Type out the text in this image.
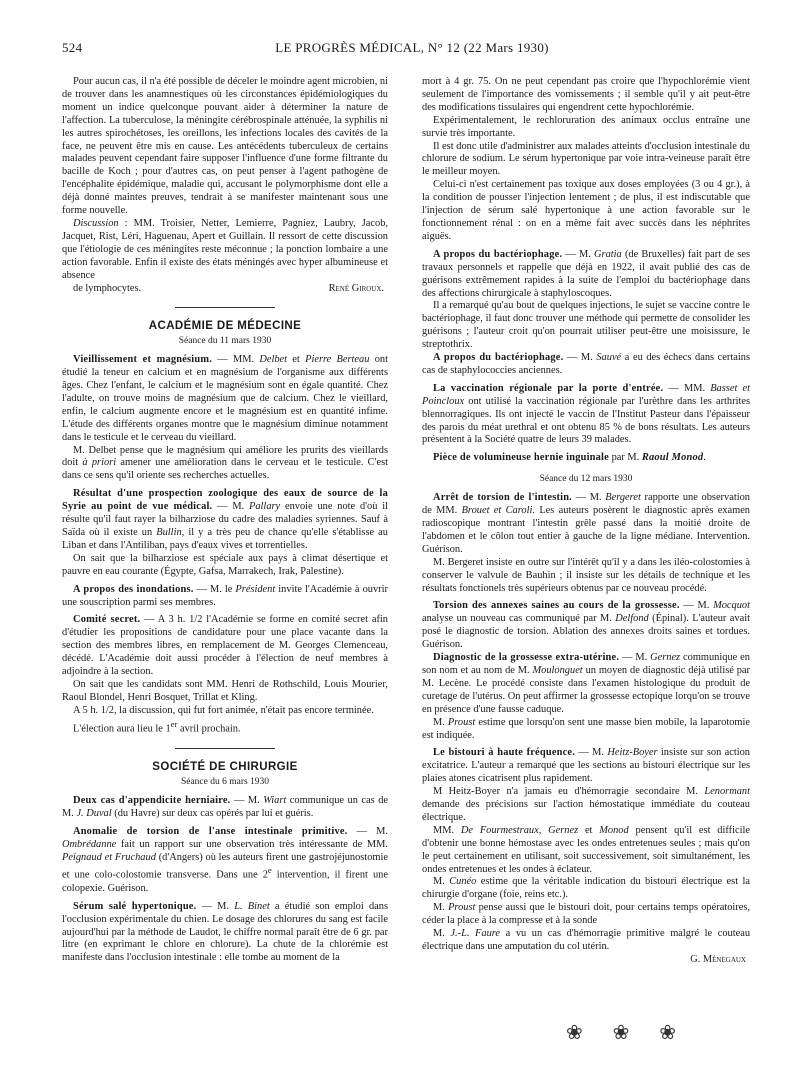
524	LE PROGRÈS MÉDICAL, N° 12 (22 Mars 1930)

Pour aucun cas, il n'a été possible de déceler le moindre agent microbien, ni de trouver dans les anamnestiques où les circonstances épidémiologiques du moment un indice quelconque pouvant aider à déterminer la nature de l'affection. La tuberculose, la méningite cérébrospinale atténuée, la syphilis ni les autres spirochétoses, les oreillons, les infections locales des cavités de la face, ne peuvent être mis en cause. Les antécédents tuberculeux de certains malades peuvent cependant faire supposer l'influence d'une forme filtrante du bacille de Koch ; pour d'autres cas, on peut penser à l'agent pathogène de l'encéphalite épidémique, maladie qui, accusant le polymorphisme dont elle a déjà donné maintes preuves, tendrait à se manifester maintenant sous une forme nouvelle.

Discussion : MM. Troisier, Netter, Lemierre, Pagniez, Laubry, Jacob, Jacquet, Rist, Léri, Haguenau, Apert et Guillain. Il ressort de cette discussion que l'étiologie de ces méningites reste méconnue ; la ponction lombaire a une action favorable. Enfin il existe des états méningés avec hyper albumineuse et absence

de lymphocytes.	René Giroux.

ACADÉMIE DE MÉDECINE
Séance du 11 mars 1930

Vieillissement et magnésium. — MM. Delbet et Pierre Berteau ont étudié la teneur en calcium et en magnésium de l'organisme aux différents âges. Chez l'enfant, le calcium et le magnésium sont en égale quantité. Chez l'adulte, on trouve moins de magnésium que de calcium. Chez le vieillard, enfin, le calcium augmente encore et le magnésium est en quantité infime. L'étude des différents organes montre que le magnésium diminue notamment dans le testicule et le cerveau du vieillard.

M. Delbet pense que le magnésium qui améliore les prurits des vieillards doit à priori amener une amélioration dans le cerveau et le testicule. C'est dans ce sens qu'il oriente ses recherches actuelles.

Résultat d'une prospection zoologique des eaux de source de la Syrie au point de vue médical. — M. Pallary envoie une note d'où il résulte qu'il faut rayer la bilharziose du cadre des maladies syriennes. Sauf à Saïda où il existe un Bullin, il y a très peu de chance qu'elle s'établisse au Liban et dans l'Antiliban, pays d'eaux vives et torrentielles.

On sait que la bilharziose est spéciale aux pays à climat désertique et pauvre en eau courante (Égypte, Gafsa, Marrakech, Irak, Palestine).

A propos des inondations. — M. le Président invite l'Académie à ouvrir une souscription parmi ses membres.

Comité secret. — A 3 h. 1/2 l'Académie se forme en comité secret afin d'étudier les propositions de candidature pour une place vacante dans la section des membres libres, en remplacement de M. Georges Clemenceau, décédé. L'Académie doit aussi procéder à l'élection de neuf membres à adjoindre à la section.

On sait que les candidats sont MM. Henri de Rothschild, Louis Mourier, Raoul Blondel, Henri Bosquet, Trillat et Kling.

A 5 h. 1/2, la discussion, qui fut fort animée, n'était pas encore terminée.

L'élection aura lieu le 1er avril prochain.

SOCIÉTÉ DE CHIRURGIE
Séance du 6 mars 1930

Deux cas d'appendicite herniaire. — M. Wiart communique un cas de M. J. Duval (du Havre) sur deux cas opérés par lui et guéris.

Anomalie de torsion de l'anse intestinale primitive. — M. Ombrédanne fait un rapport sur une observation très intéressante de MM. Peignaud et Fruchaud (d'Angers) où les auteurs firent une gastrojéjunostomie et une colo-colostomie transverse. Dans une 2e intervention, il firent une colopexie. Guérison.

Sérum salé hypertonique. — M. L. Binet a étudié son emploi dans l'occlusion expérimentale du chien. Le dosage des chlorures du sang est facile aujourd'hui par la méthode de Laudot, le chiffre normal paraît être de 6 gr. par litre (en exprimant le chlore en chlorure). La chute de la chlorémie est manifeste dans l'occlusion intestinale : elle tombe au moment de la

mort à 4 gr. 75. On ne peut cependant pas croire que l'hypochlorémie vient seulement de l'importance des vomissements ; il semble qu'il y ait peut-être des modifications tissulaires qui engendrent cette hypochlorémie.

Expérimentalement, le rechloruration des animaux occlus entraîne une survie très importante.

Il est donc utile d'administrer aux malades atteints d'occlusion intestinale du chlorure de sodium. Le sérum hypertonique par voie intra-veineuse paraît être le meilleur moyen.

Celui-ci n'est certainement pas toxique aux doses employées (3 ou 4 gr.), à la condition de pousser l'injection lentement ; de plus, il est indiscutable que l'injection de sérum salé hypertonique à une action favorable sur le fonctionnement rénal : on en a même fait avec succès dans les néphrites aiguës.

A propos du bactériophage. — M. Gratia (de Bruxelles) fait part de ses travaux personnels et rappelle que déjà en 1922, il avait publié des cas de guérisons extrêmement rapides à la suite de l'emploi du bactériophage dans des affections chirurgicale à staphyloscoques.

Il a remarqué qu'au bout de quelques injections, le sujet se vaccine contre le bactériophage, il faut donc trouver une méthode qui permette de consolider les guérisons ; l'auteur croit qu'on pourrait utiliser peut-être une moisissure, le streptothrix.

A propos du bactériophage. — M. Sauvé a eu des échecs dans certains cas de staphylococcies anciennes.

La vaccination régionale par la porte d'entrée. — MM. Basset et Poincloux ont utilisé la vaccination régionale par l'urèthre dans les arthrites blennorragiques. Ils ont injecté le vaccin de l'Institut Pasteur dans l'épaisseur des parois du méat urethral et ont obtenu 85 % de bons résultats. Les auteurs présentent à la Société quatre de leurs 39 malades.

Pièce de volumineuse hernie inguinale par M. Raoul Monod.

Séance du 12 mars 1930

Arrêt de torsion de l'intestin. — M. Bergeret rapporte une observation de MM. Brouet et Caroli. Les auteurs posèrent le diagnostic après examen radioscopique montrant l'intestin grêle passé dans la moitié droite de l'abdomen et le côlon tout entier à gauche de la ligne médiane. Intervention. Guérison.

M. Bergeret insiste en outre sur l'intérêt qu'il y a dans les iléo-colostomies à conserver le valvule de Bauhin ; il insiste sur les détails de technique et les résultats fonctionels très supérieurs obtenus par ce nouveau procédé.

Torsion des annexes saines au cours de la grossesse. — M. Mocquot analyse un nouveau cas communiqué par M. Delfond (Épinal). L'auteur avait posé le diagnostic de torsion. Ablation des annexes droits saines et tordues. Guérison.

Diagnostic de la grossesse extra-utérine. — M. Gernez communique en son nom et au nom de M. Moulonguet un moyen de diagnostic déjà utilisé par M. Lecène. Le procédé consiste dans l'examen histologique du produit de curetage de l'utérus. On peut affirmer la grossesse ectopique lorqu'on se trouve en présence d'une fausse caduque.

M. Proust estime que lorsqu'on sent une masse bien mobile, la laparotomie est indiquée.

Le bistouri à haute fréquence. — M. Heitz-Boyer insiste sur son action excitatrice. L'auteur a remarqué que les sections au bistouri électrique sur les plaies atones cicatrisent plus rapidement.

M Heitz-Boyer n'a jamais eu d'hémorragie secondaire M. Lenormant demande des précisions sur l'action hémostatique immédiate du couteau électrique.

MM. De Fourmestraux, Gernez et Monod pensent qu'il est difficile d'obtenir une bonne hémostase avec les ondes entretenues seules ; mais qu'on le peut certainement en utilisant, soit successivement, soit simultanément, les ondes entretenues et les ondes à éclateur.

M. Cunéo estime que la véritable indication du bistouri électrique est la chirurgie d'organe (foie, reins etc.).

M. Proust pense aussi que le bistouri doit, pour certains temps opératoires, céder la place à la compresse et à la sonde

M. J.-L. Faure a vu un cas d'hémorragie primitive malgré le couteau électrique dans une amputation du col utérin.

G. Ménegaux

❀ ❀ ❀
